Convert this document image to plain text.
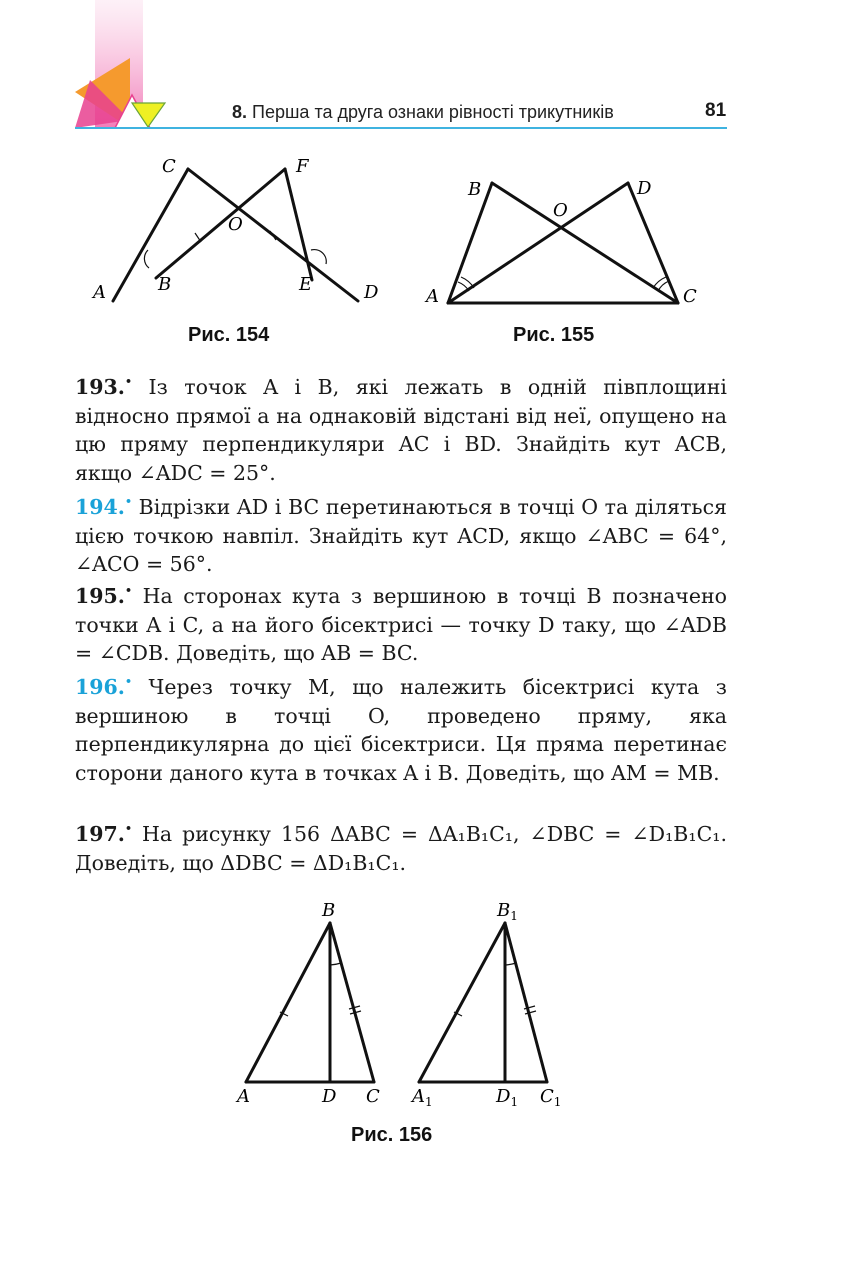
8. Перша та друга ознаки рівності трикутників	81
C	F
O
A	B	E	D
Рис. 154
B	D
O
A	C
Рис. 155
193.• Із точок A і B, які лежать в одній півплощині відносно прямої a на однаковій відстані від неї, опущено на цю пряму перпендикуляри AC і BD. Знайдіть кут ACB, якщо ∠ADC = 25°.
194.• Відрізки AD і BC перетинаються в точці O та діляться цією точкою навпіл. Знайдіть кут ACD, якщо ∠ABC = 64°, ∠ACO = 56°.
195.• На сторонах кута з вершиною в точці B позначено точки A і C, а на його бісектрисі — точку D таку, що ∠ADB = ∠CDB. Доведіть, що AB = BC.
196.• Через точку M, що належить бісектрисі кута з вершиною в точці O, проведено пряму, яка перпендикулярна до цієї бісектриси. Ця пряма перетинає сторони даного кута в точках A і B. Доведіть, що AM = MB.
197.• На рисунку 156 ΔABC = ΔA₁B₁C₁, ∠DBC = ∠D₁B₁C₁. Доведіть, що ΔDBC = ΔD₁B₁C₁.
B
A	D C
$B_1$
$A_1$	$D_1$ $C_1$
Рис. 156
